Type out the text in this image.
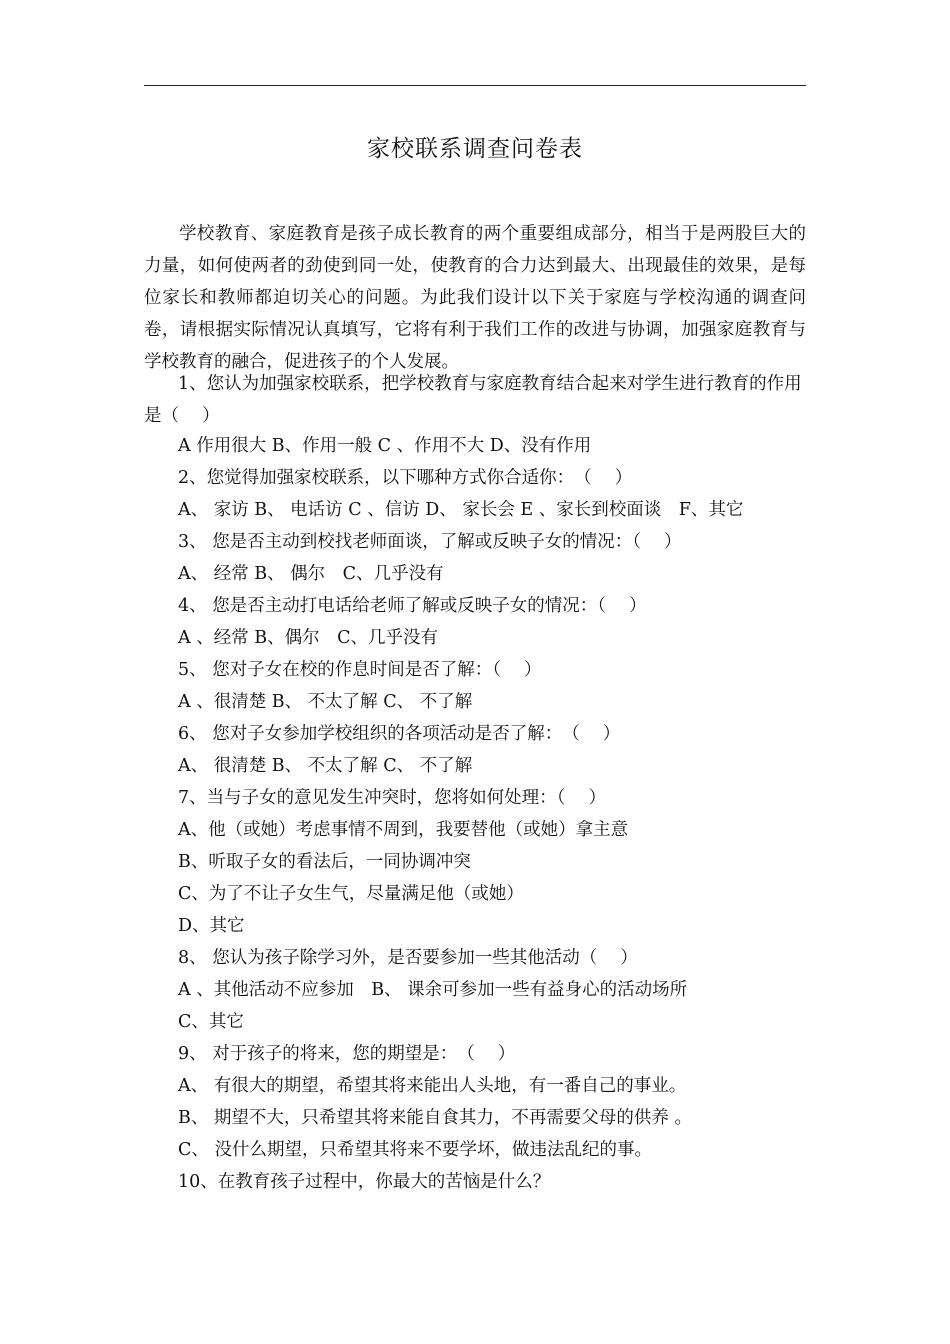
家校联系调查问卷表

学校教育、家庭教育是孩子成长教育的两个重要组成部分，相当于是两股巨大的力量，如何使两者的劲使到同一处，使教育的合力达到最大、出现最佳的效果，是每位家长和教师都迫切关心的问题。为此我们设计以下关于家庭与学校沟通的调查问卷，请根据实际情况认真填写，它将有利于我们工作的改进与协调，加强家庭教育与学校教育的融合，促进孩子的个人发展。

1、您认为加强家校联系，把学校教育与家庭教育结合起来对学生进行教育的作用是（　 ）

A 作用很大 B、作用一般 C 、作用不大 D、没有作用

2、您觉得加强家校联系，以下哪种方式你合适你：　（　 ）

A、 家访 B、 电话访 C 、信访 D、 家长会 E 、家长到校面谈　F、其它

3、 您是否主动到校找老师面谈，了解或反映子女的情况：（　 ）

A、 经常 B、 偶尔　C、几乎没有

4、 您是否主动打电话给老师了解或反映子女的情况：（　 ）

A 、经常 B、偶尔　C、几乎没有

5、 您对子女在校的作息时间是否了解：（　 ）

A 、很清楚 B、 不太了解 C、 不了解

6、 您对子女参加学校组织的各项活动是否了解：　（　 ）

A、 很清楚 B、 不太了解 C、 不了解

7、当与子女的意见发生冲突时，您将如何处理：（　 ）

A、他（或她）考虑事情不周到，我要替他（或她）拿主意

B、听取子女的看法后，一同协调冲突

C、为了不让子女生气，尽量满足他（或她）

D、其它

8、 您认为孩子除学习外，是否要参加一些其他活动（　 ）

A 、其他活动不应参加　B、 课余可参加一些有益身心的活动场所

C、其它

9、 对于孩子的将来，您的期望是：　（　 ）

A、 有很大的期望，希望其将来能出人头地，有一番自己的事业。

B、 期望不大，只希望其将来能自食其力，不再需要父母的供养 。

C、 没什么期望，只希望其将来不要学坏，做违法乱纪的事。

10、在教育孩子过程中，你最大的苦恼是什么？
